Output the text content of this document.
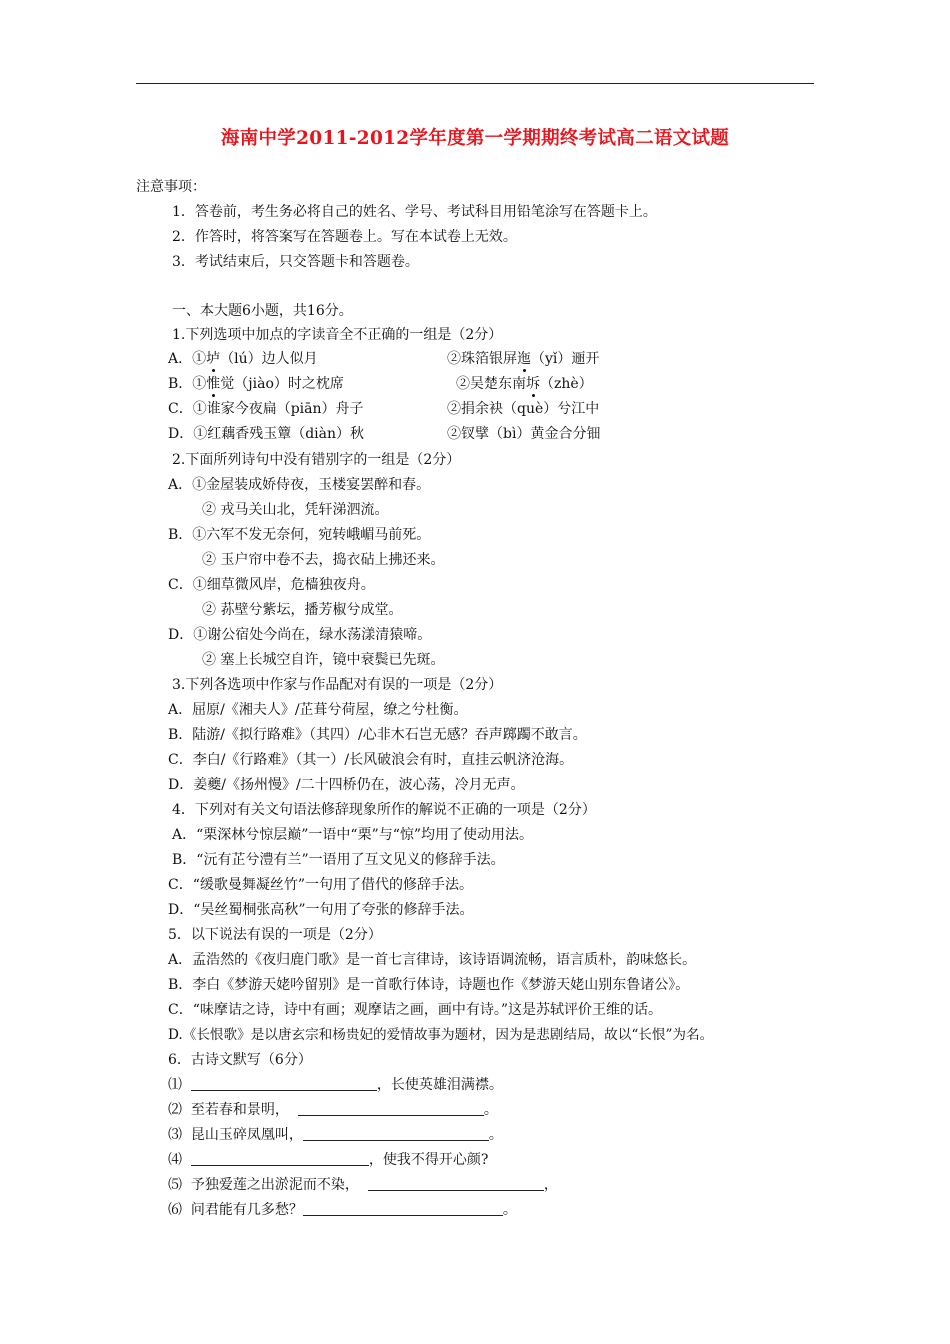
海南中学2011-2012学年度第一学期期终考试高二语文试题
注意事项：
1．答卷前，考生务必将自己的姓名、学号、考试科目用铅笔涂写在答题卡上。
2．作答时，将答案写在答题卷上。写在本试卷上无效。
3．考试结束后，只交答题卡和答题卷。
一、本大题6小题，共16分。
1.下列选项中加点的字读音全不正确的一组是（2分）
A．①垆（lú）边人似月	②珠箔银屏迤（yǐ）逦开
B．①惟觉（jiào）时之枕席	②吴楚东南坼（zhè）
C．①谁家今夜扁（piān）舟子	②捐余袂（què）兮江中
D．①红藕香残玉簟（diàn）秋	②钗擘（bì）黄金合分钿
2.下面所列诗句中没有错别字的一组是（2分）
A．①金屋装成娇侍夜，玉楼宴罢醉和春。
② 戎马关山北，凭轩涕泗流。
B．①六军不发无奈何，宛转峨嵋马前死。
② 玉户帘中卷不去，捣衣砧上拂还来。
C．①细草微风岸，危樯独夜舟。
② 荪壁兮紫坛，播芳椒兮成堂。
D．①谢公宿处今尚在，绿水荡漾清猿啼。
② 塞上长城空自许，镜中衰鬓已先斑。
3.下列各选项中作家与作品配对有误的一项是（2分）
A．屈原/《湘夫人》/芷葺兮荷屋，缭之兮杜衡。
B．陆游/《拟行路难》（其四）/心非木石岂无感？吞声踯躅不敢言。
C．李白/《行路难》（其一）/长风破浪会有时，直挂云帆济沧海。
D．姜夔/《扬州慢》/二十四桥仍在，波心荡，冷月无声。
4．下列对有关文句语法修辞现象所作的解说不正确的一项是（2分）
A．“栗深林兮惊层巅”一语中“栗”与“惊”均用了使动用法。
B．“沅有芷兮澧有兰”一语用了互文见义的修辞手法。
C．“缓歌曼舞凝丝竹”一句用了借代的修辞手法。
D．“吴丝蜀桐张高秋”一句用了夸张的修辞手法。
5．以下说法有误的一项是（2分）
A．孟浩然的《夜归鹿门歌》是一首七言律诗，该诗语调流畅，语言质朴，韵味悠长。
B．李白《梦游天姥吟留别》是一首歌行体诗，诗题也作《梦游天姥山别东鲁诸公》。
C．“味摩诘之诗，诗中有画；观摩诘之画，画中有诗。”这是苏轼评价王维的话。
D.《长恨歌》是以唐玄宗和杨贵妃的爱情故事为题材，因为是悲剧结局，故以“长恨”为名。
6．古诗文默写（6分）
⑴	，长使英雄泪满襟。
⑵ 至若春和景明，	。
⑶ 昆山玉碎凤凰叫，	。
⑷	，使我不得开心颜?
⑸ 予独爱莲之出淤泥而不染，	，
⑹ 问君能有几多愁？	。
